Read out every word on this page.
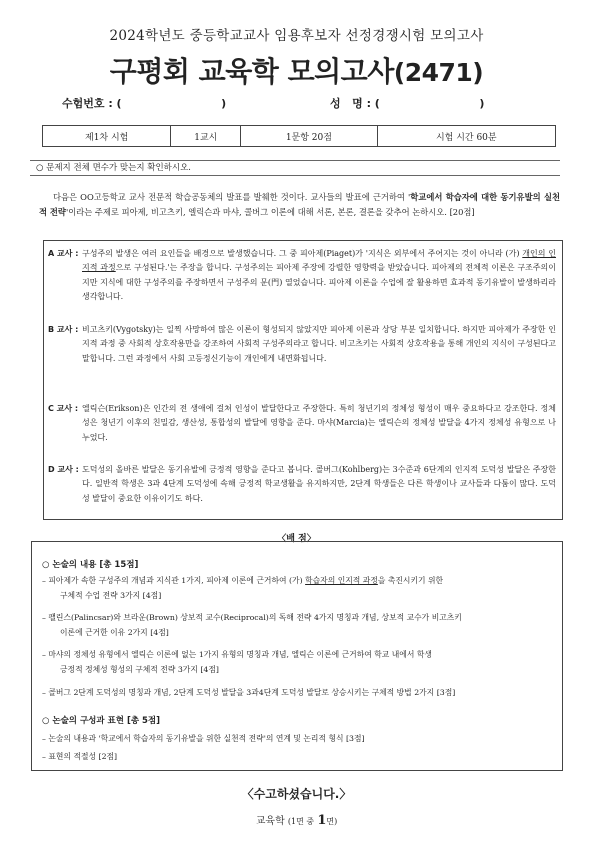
2024학년도 중등학교교사 임용후보자 선정경쟁시험 모의고사
구평회 교육학 모의고사(2471)
수험번호 : (                          )	성   명 : (                          )
제1차 시험	1교시	1문항 20점	시험 시간 60분
○ 문제지 전체 면수가 맞는지 확인하시오.
다음은 OO고등학교 교사 전문적 학습공동체의 발표를 발췌한 것이다. 교사들의 발표에 근거하여 '학교에서 학습자에 대한 동기유발의 실천적 전략'이라는 주제로 피아제, 비고츠키, 엘릭슨과 마샤, 콜버그 이론에 대해 서론, 본론, 결론을 갖추어 논하시오. [20점]
A 교사 : 구성주의 발생은 여러 요인들을 배경으로 발생했습니다. 그 중 피아제(Piaget)가 '지식은 외부에서 주어지는 것이 아니라 (가) 개인의 인지적 과정으로 구성된다.'는 주장을 합니다. 구성주의는 피아제 주장에 강렬한 영향력을 받았습니다. 피아제의 전체적 이론은 구조주의이지만 지식에 대한 구성주의를 주장하면서 구성주의 문(門) 열었습니다. 피아제 이론을 수업에 잘 활용하면 효과적 동기유발이 발생하리라 생각합니다.
B 교사 : 비고츠키(Vygotsky)는 일찍 사망하여 많은 이론이 형성되지 않았지만 피아제 이론과 상당 부분 일치합니다. 하지만 피아제가 주장한 인지적 과정 중 사회적 상호작용만을 강조하여 사회적 구성주의라고 합니다. 비고츠키는 사회적 상호작용을 통해 개인의 지식이 구성된다고 말합니다. 그런 과정에서 사회 고등정신기능이 개인에게 내면화됩니다.
C 교사 : 엘릭슨(Erikson)은 인간의 전 생애에 걸쳐 인성이 발달한다고 주장한다. 특히 청년기의 정체성 형성이 매우 중요하다고 강조한다. 정체성은 청년기 이후의 친밀감, 생산성, 통합성의 발달에 영향을 준다. 마샤(Marcia)는 엘릭슨의 정체성 발달을 4가지 정체성 유형으로 나누었다.
D 교사 : 도덕성의 올바른 발달은 동기유발에 긍정적 영향을 준다고 봅니다. 콜버그(Kohlberg)는 3수준과 6단계의 인지적 도덕성 발달은 주장한다. 일반적 학생은 3과 4단계 도덕성에 속해 긍정적 학교생활을 유지하지만, 2단계 학생들은 다른 학생이나 교사들과 다툼이 많다. 도덕성 발달이 중요한 이유이기도 하다.
〈배 점〉
○ 논술의 내용 [총 15점]
– 피아제가 속한 구성주의 개념과 지식관 1가지, 피아제 이론에 근거하여 (가) 학습자의 인지적 과정을 촉진시키기 위한
구체적 수업 전략 3가지 [4점]
– 팰린스(Palincsar)와 브라운(Brown) 상보적 교수(Reciprocal)의 독해 전략 4가지 명칭과 개념, 상보적 교수가 비고츠키
이론에 근거한 이유 2가지 [4점]
– 마샤의 정체성 유형에서 엘릭슨 이론에 없는 1가지 유형의 명칭과 개념, 엘릭슨 이론에 근거하여 학교 내에서 학생
긍정적 정체성 형성의 구체적 전략 3가지 [4점]
– 콜버그 2단계 도덕성의 명칭과 개념, 2단계 도덕성 발달을 3과4단계 도덕성 발달로 상승시키는 구체적 방법 2가지 [3점]
○ 논술의 구성과 표현 [총 5점]
– 논술의 내용과 '학교에서 학습자의 동기유발을 위한 실천적 전략'의 연계 및 논리적 형식 [3점]
– 표현의 적절성 [2점]
〈수고하셨습니다.〉
교육학 (1면 중 1면)
